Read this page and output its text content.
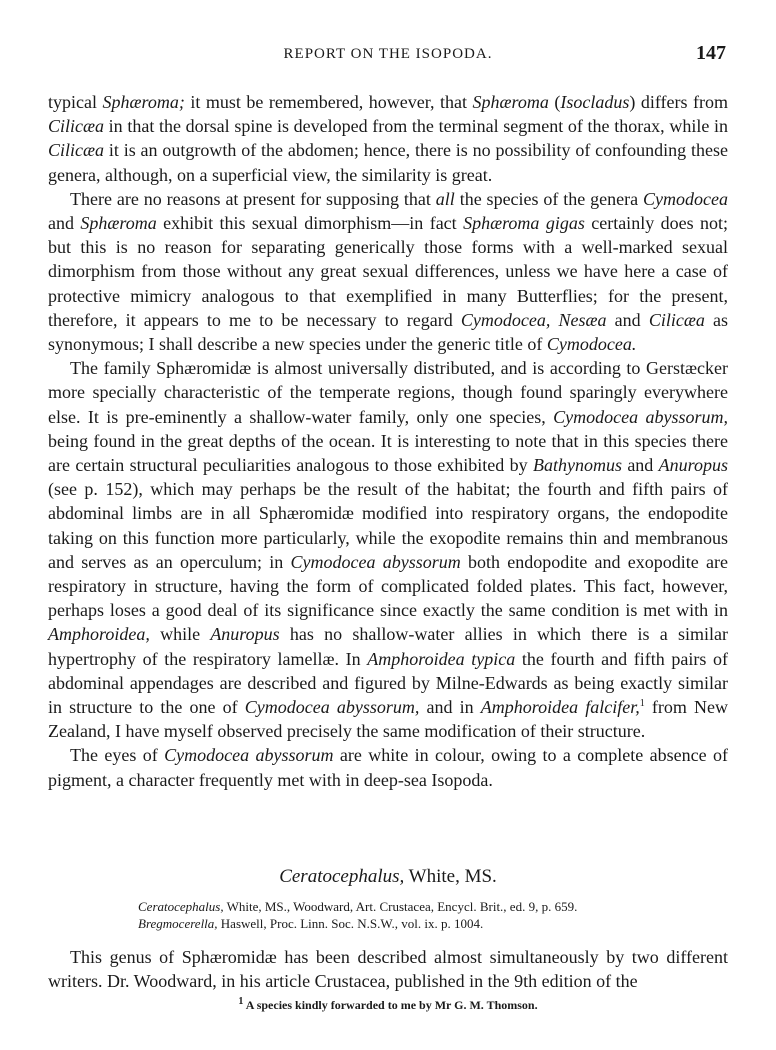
REPORT ON THE ISOPODA.	147

typical Sphæroma; it must be remembered, however, that Sphæroma (Isocladus) differs from Cilicæa in that the dorsal spine is developed from the terminal segment of the thorax, while in Cilicæa it is an outgrowth of the abdomen; hence, there is no possibility of confounding these genera, although, on a superficial view, the similarity is great.

There are no reasons at present for supposing that all the species of the genera Cymodocea and Sphæroma exhibit this sexual dimorphism—in fact Sphæroma gigas certainly does not; but this is no reason for separating generically those forms with a well-marked sexual dimorphism from those without any great sexual differences, unless we have here a case of protective mimicry analogous to that exemplified in many Butterflies; for the present, therefore, it appears to me to be necessary to regard Cymodocea, Nesæa and Cilicæa as synonymous; I shall describe a new species under the generic title of Cymodocea.

The family Sphæromidæ is almost universally distributed, and is according to Gerstæcker more specially characteristic of the temperate regions, though found sparingly everywhere else. It is pre-eminently a shallow-water family, only one species, Cymodocea abyssorum, being found in the great depths of the ocean. It is interesting to note that in this species there are certain structural peculiarities analogous to those exhibited by Bathynomus and Anuropus (see p. 152), which may perhaps be the result of the habitat; the fourth and fifth pairs of abdominal limbs are in all Sphæromidæ modified into respiratory organs, the endopodite taking on this function more particularly, while the exopodite remains thin and membranous and serves as an operculum; in Cymodocea abyssorum both endopodite and exopodite are respiratory in structure, having the form of complicated folded plates. This fact, however, perhaps loses a good deal of its significance since exactly the same condition is met with in Amphoroidea, while Anuropus has no shallow-water allies in which there is a similar hypertrophy of the respiratory lamellæ. In Amphoroidea typica the fourth and fifth pairs of abdominal appendages are described and figured by Milne-Edwards as being exactly similar in structure to the one of Cymodocea abyssorum, and in Amphoroidea falcifer,$^1$ from New Zealand, I have myself observed precisely the same modification of their structure.

The eyes of Cymodocea abyssorum are white in colour, owing to a complete absence of pigment, a character frequently met with in deep-sea Isopoda.

Ceratocephalus, White, MS.
Ceratocephalus, White, MS., Woodward, Art. Crustacea, Encycl. Brit., ed. 9, p. 659.
Bregmocerella, Haswell, Proc. Linn. Soc. N.S.W., vol. ix. p. 1004.

This genus of Sphæromidæ has been described almost simultaneously by two different writers. Dr. Woodward, in his article Crustacea, published in the 9th edition of the

$^1$ A species kindly forwarded to me by Mr G. M. Thomson.
